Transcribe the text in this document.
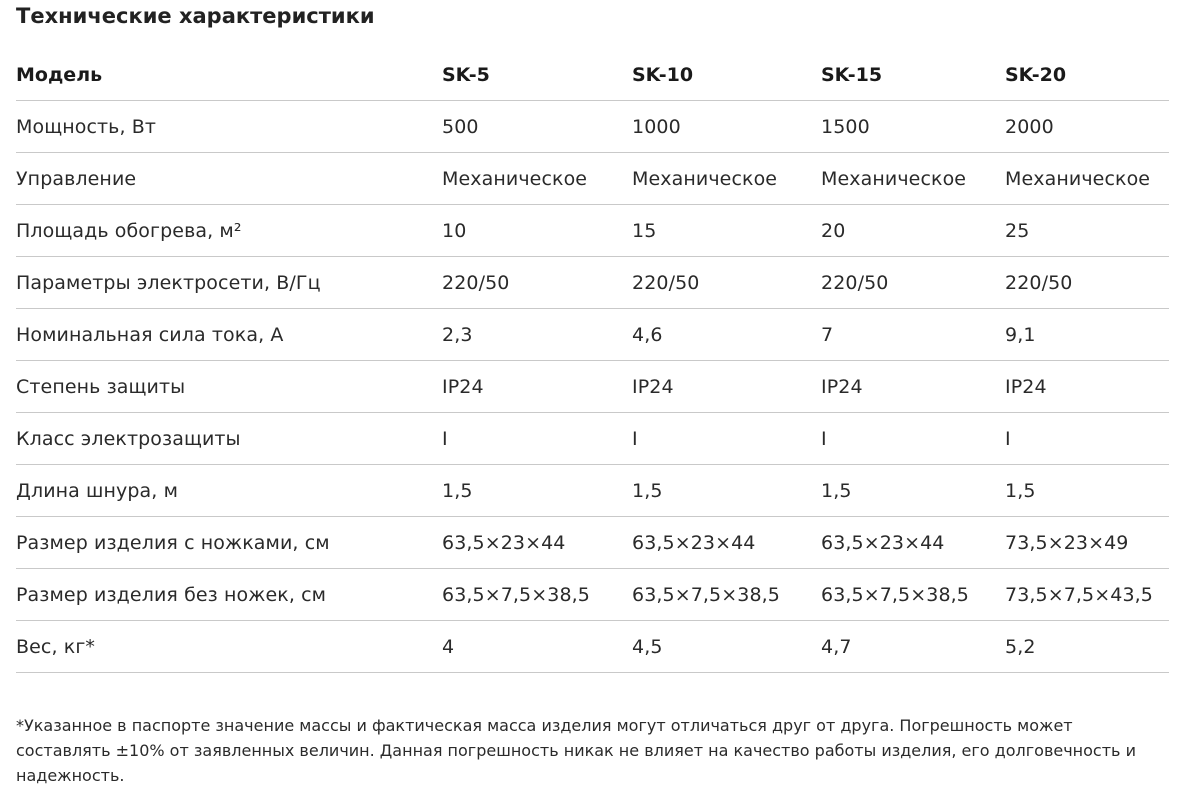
Технические характеристики
Модель	SK-5	SK-10	SK-15	SK-20
Мощность, Вт	500	1000	1500	2000
Управление	Механическое	Механическое	Механическое	Механическое
Площадь обогрева, м²	10	15	20	25
Параметры электросети, В/Гц	220/50	220/50	220/50	220/50
Номинальная сила тока, А	2,3	4,6	7	9,1
Степень защиты	IP24	IP24	IP24	IP24
Класс электрозащиты	I	I	I	I
Длина шнура, м	1,5	1,5	1,5	1,5
Размер изделия с ножками, см	63,5×23×44	63,5×23×44	63,5×23×44	73,5×23×49
Размер изделия без ножек, см	63,5×7,5×38,5	63,5×7,5×38,5	63,5×7,5×38,5	73,5×7,5×43,5
Вес, кг*	4	4,5	4,7	5,2

*Указанное в паспорте значение массы и фактическая масса изделия могут отличаться друг от друга. Погрешность может составлять ±10% от заявленных величин. Данная погрешность никак не влияет на качество работы изделия, его долговечность и надежность.
